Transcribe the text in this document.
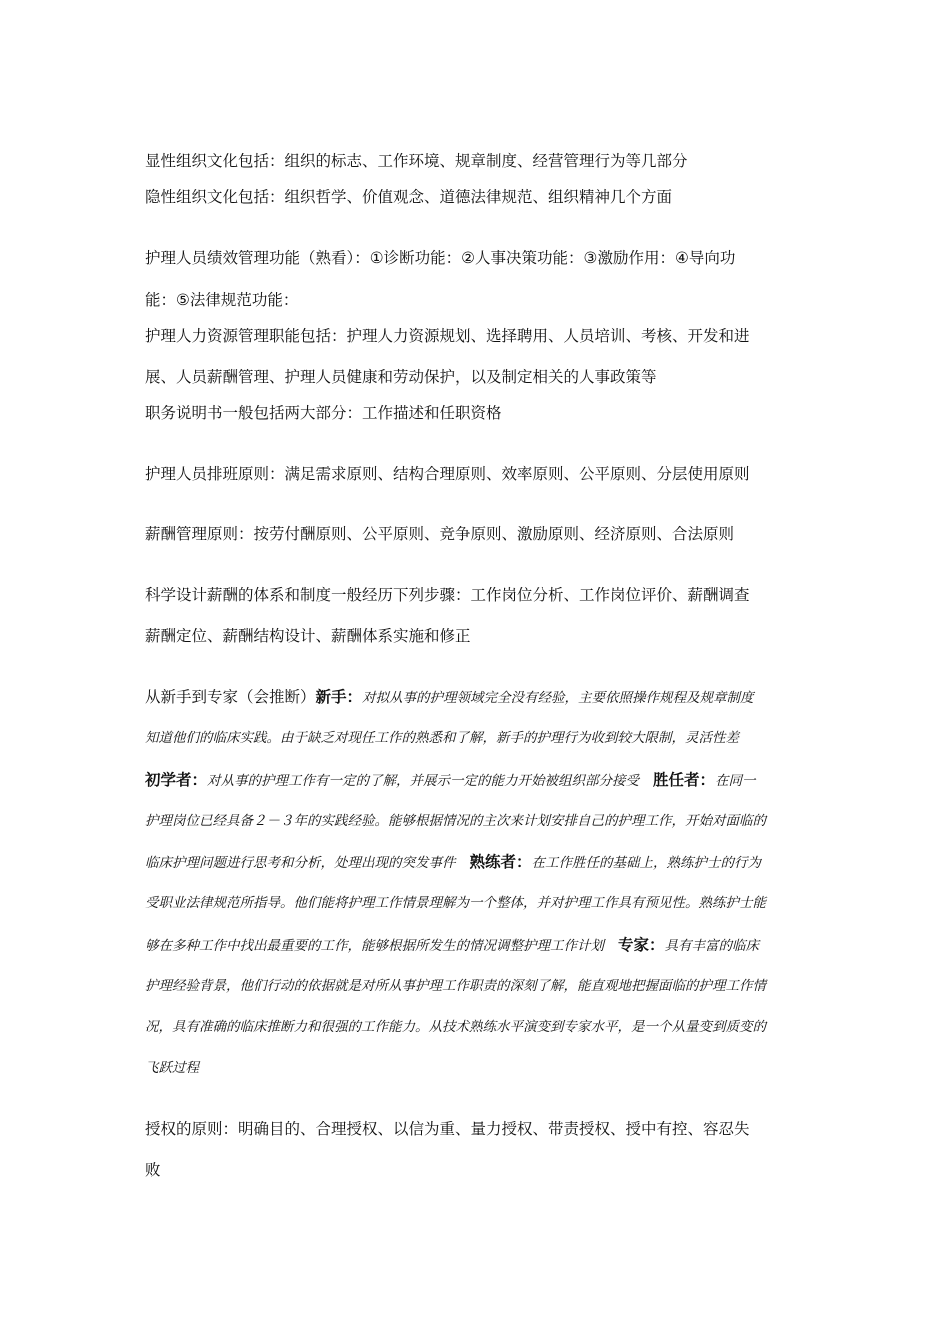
显性组织文化包括：组织的标志、工作环境、规章制度、经营管理行为等几部分
隐性组织文化包括：组织哲学、价值观念、道德法律规范、组织精神几个方面
护理人员绩效管理功能（熟看）：①诊断功能：②人事决策功能：③激励作用：④导向功
能：⑤法律规范功能：
护理人力资源管理职能包括：护理人力资源规划、选择聘用、人员培训、考核、开发和进
展、人员薪酬管理、护理人员健康和劳动保护，以及制定相关的人事政策等
职务说明书一般包括两大部分：工作描述和任职资格
护理人员排班原则：满足需求原则、结构合理原则、效率原则、公平原则、分层使用原则
薪酬管理原则：按劳付酬原则、公平原则、竞争原则、激励原则、经济原则、合法原则
科学设计薪酬的体系和制度一般经历下列步骤：工作岗位分析、工作岗位评价、薪酬调查
薪酬定位、薪酬结构设计、薪酬体系实施和修正
从新手到专家（会推断）新手：对拟从事的护理领域完全没有经验，主要依照操作规程及规章制度
知道他们的临床实践。由于缺乏对现任工作的熟悉和了解，新手的护理行为收到较大限制，灵活性差
初学者：对从事的护理工作有一定的了解，并展示一定的能力开始被组织部分接受 胜任者：在同一
护理岗位已经具备２－３年的实践经验。能够根据情况的主次来计划安排自己的护理工作，开始对面临的
临床护理问题进行思考和分析，处理出现的突发事件 熟练者：在工作胜任的基础上，熟练护士的行为
受职业法律规范所指导。他们能将护理工作情景理解为一个整体，并对护理工作具有预见性。熟练护士能
够在多种工作中找出最重要的工作，能够根据所发生的情况调整护理工作计划 专家：具有丰富的临床
护理经验背景，他们行动的依据就是对所从事护理工作职责的深刻了解，能直观地把握面临的护理工作情
况，具有准确的临床推断力和很强的工作能力。从技术熟练水平演变到专家水平，是一个从量变到质变的
飞跃过程
授权的原则：明确目的、合理授权、以信为重、量力授权、带责授权、授中有控、容忍失
败
